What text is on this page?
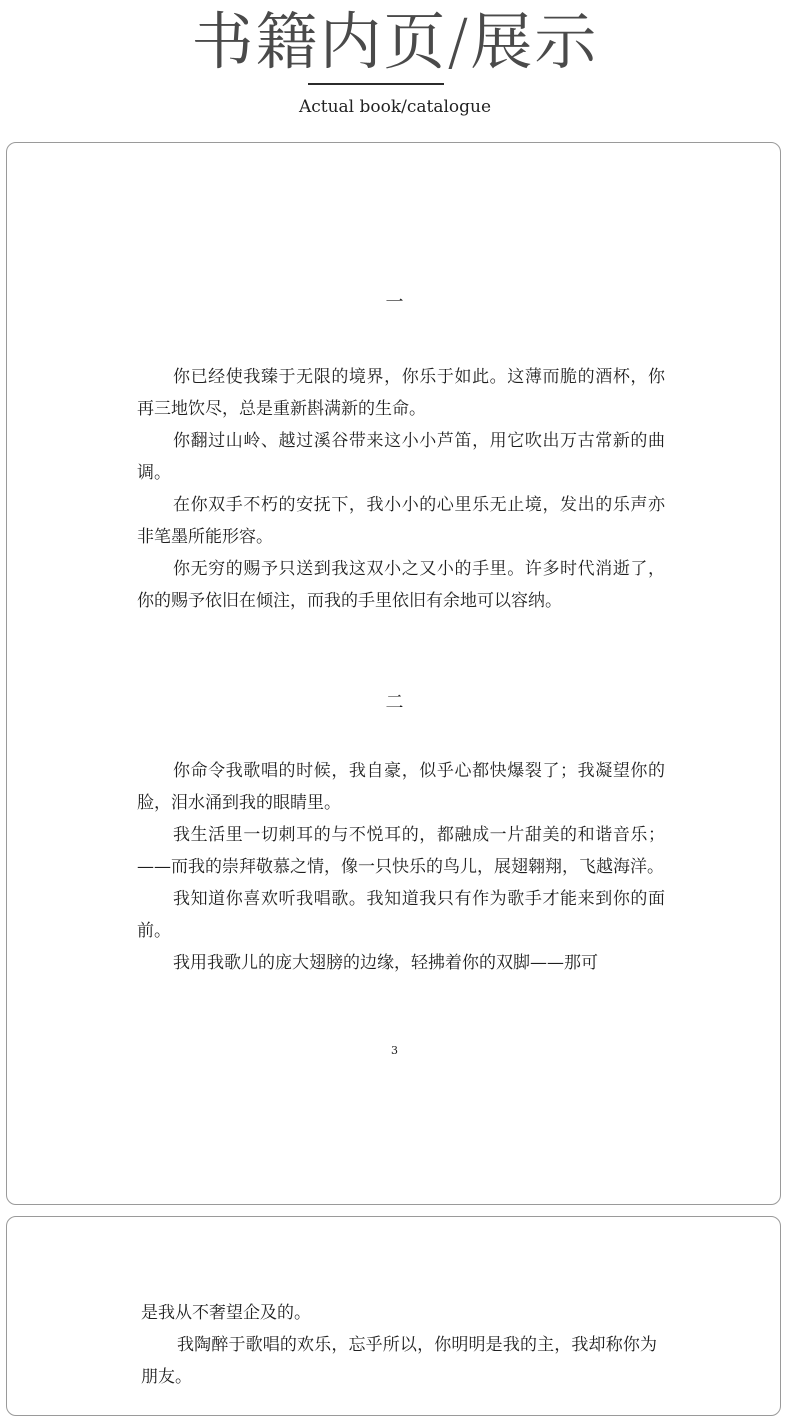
书籍内页/展示
Actual book/catalogue
一

你已经使我臻于无限的境界，你乐于如此。这薄而脆的酒杯，你再三地饮尽，总是重新斟满新的生命。

你翻过山岭、越过溪谷带来这小小芦笛，用它吹出万古常新的曲调。

在你双手不朽的安抚下，我小小的心里乐无止境，发出的乐声亦非笔墨所能形容。

你无穷的赐予只送到我这双小之又小的手里。许多时代消逝了，你的赐予依旧在倾注，而我的手里依旧有余地可以容纳。

二

你命令我歌唱的时候，我自豪，似乎心都快爆裂了；我凝望你的脸，泪水涌到我的眼睛里。

我生活里一切刺耳的与不悦耳的，都融成一片甜美的和谐音乐；——而我的崇拜敬慕之情，像一只快乐的鸟儿，展翅翱翔，飞越海洋。

我知道你喜欢听我唱歌。我知道我只有作为歌手才能来到你的面前。

我用我歌儿的庞大翅膀的边缘，轻拂着你的双脚——那可

3

是我从不奢望企及的。

我陶醉于歌唱的欢乐，忘乎所以，你明明是我的主，我却称你为朋友。
